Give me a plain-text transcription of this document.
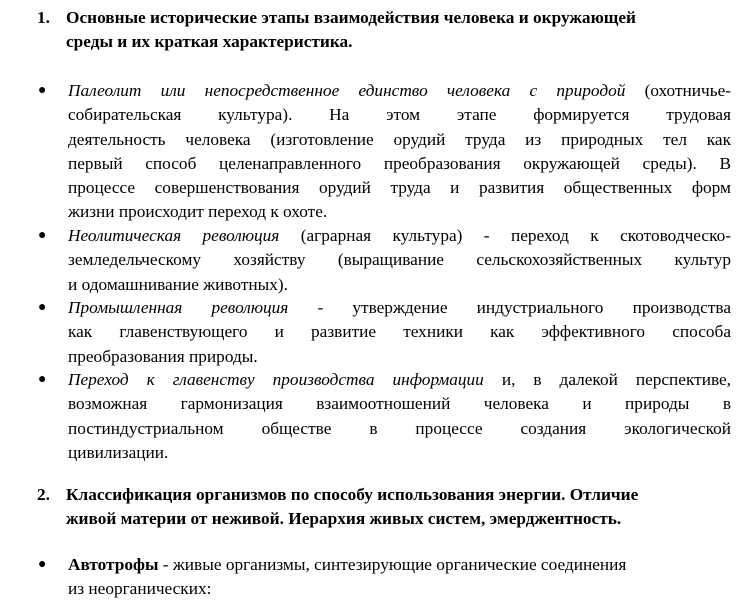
1. Основные исторические этапы взаимодействия человека и окружающей
среды и их краткая характеристика.
● Палеолит или непосредственное единство человека с природой (охотничье-
собирательская культура). На этом этапе формируется трудовая
деятельность человека (изготовление орудий труда из природных тел как
первый способ целенаправленного преобразования окружающей среды). В
процессе совершенствования орудий труда и развития общественных форм
жизни происходит переход к охоте.
● Неолитическая революция (аграрная культура) - переход к скотоводческо-
земледельческому хозяйству (выращивание сельскохозяйственных культур
и одомашнивание животных).
● Промышленная революция - утверждение индустриального производства
как главенствующего и развитие техники как эффективного способа
преобразования природы.
● Переход к главенству производства информации и, в далекой перспективе,
возможная гармонизация взаимоотношений человека и природы в
постиндустриальном обществе в процессе создания экологической
цивилизации.
2. Классификация организмов по способу использования энергии. Отличие
живой материи от неживой. Иерархия живых систем, эмерджентность.
● Автотрофы - живые организмы, синтезирующие органические соединения
из неорганических:
